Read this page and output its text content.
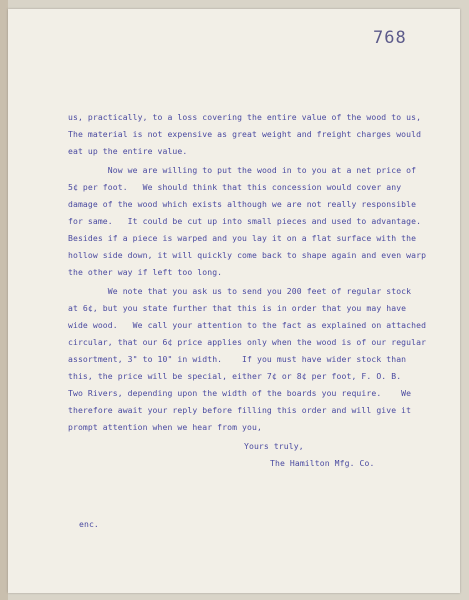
768
us, practically, to a loss covering the entire value of the wood to us,
The material is not expensive as great weight and freight charges would
eat up the entire value.
Now we are willing to put the wood in to you at a net price of
5¢ per foot.   We should think that this concession would cover any
damage of the wood which exists although we are not really responsible
for same.   It could be cut up into small pieces and used to advantage.
Besides if a piece is warped and you lay it on a flat surface with the
hollow side down, it will quickly come back to shape again and even warp
the other way if left too long.
We note that you ask us to send you 200 feet of regular stock
at 6¢, but you state further that this is in order that you may have
wide wood.   We call your attention to the fact as explained on attached
circular, that our 6¢ price applies only when the wood is of our regular
assortment, 3" to 10" in width.    If you must have wider stock than
this, the price will be special, either 7¢ or 8¢ per foot, F. O. B.
Two Rivers, depending upon the width of the boards you require.    We
therefore await your reply before filling this order and will give it
prompt attention when we hear from you,
Yours truly,
The Hamilton Mfg. Co.
enc.
